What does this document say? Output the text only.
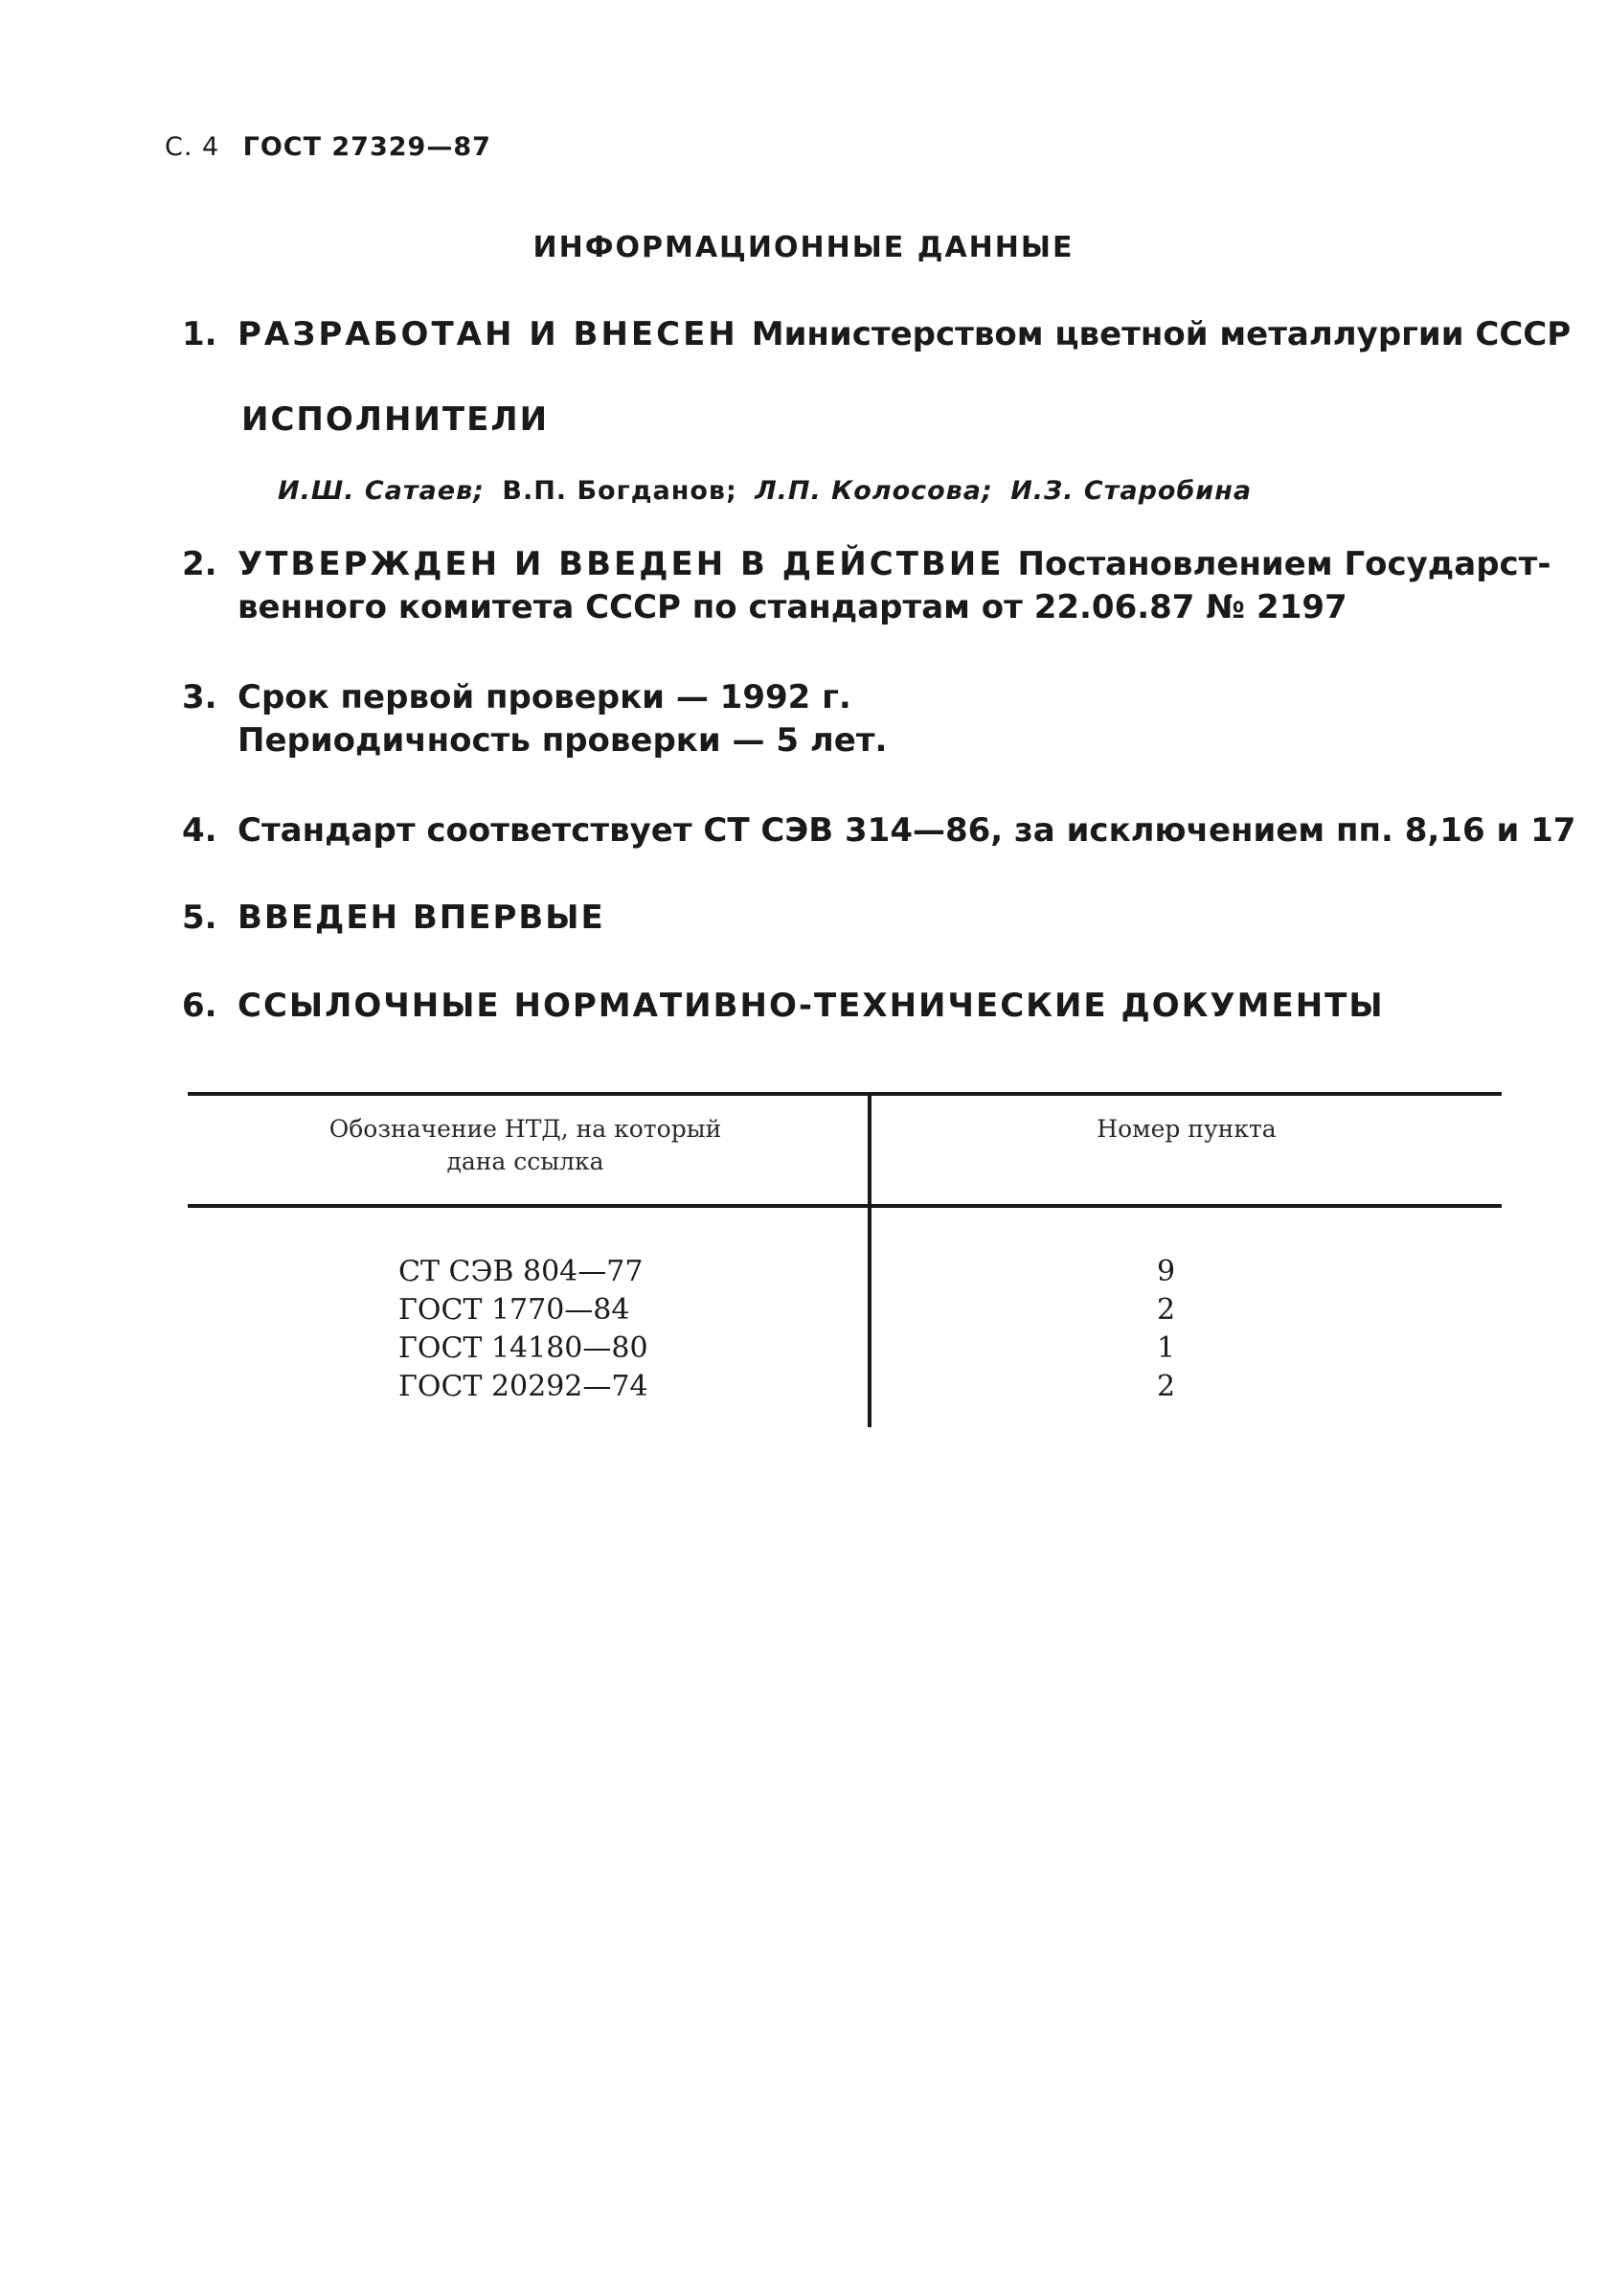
С. 4 ГОСТ 27329—87
ИНФОРМАЦИОННЫЕ ДАННЫЕ
1. РАЗРАБОТАН И ВНЕСЕН Министерством цветной металлургии СССР
ИСПОЛНИТЕЛИ
И.Ш. Сатаев; В.П. Богданов; Л.П. Колосова; И.З. Старобина
2. УТВЕРЖДЕН И ВВЕДЕН В ДЕЙСТВИЕ Постановлением Государст-
венного комитета СССР по стандартам от 22.06.87 № 2197
3. Срок первой проверки — 1992 г.
Периодичность проверки — 5 лет.
4. Стандарт соответствует СТ СЭВ 314—86, за исключением пп. 8,16 и 17
5. ВВЕДЕН ВПЕРВЫЕ
6. ССЫЛОЧНЫЕ НОРМАТИВНО-ТЕХНИЧЕСКИЕ ДОКУМЕНТЫ
Обозначение НТД, на который
дана ссылка
Номер пункта
СТ СЭВ 804—77	9
ГОСТ 1770—84	2
ГОСТ 14180—80	1
ГОСТ 20292—74	2
